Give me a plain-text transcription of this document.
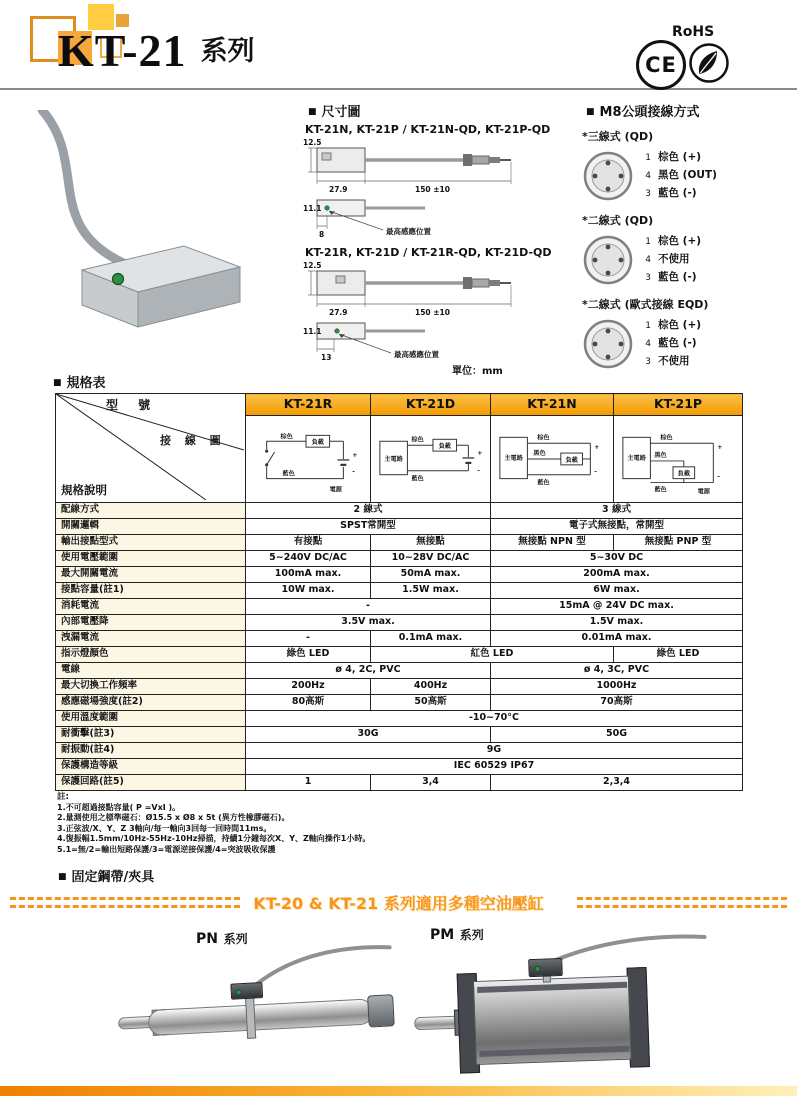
KT-21 系列
RoHS
CE
■ 尺寸圖
KT-21N, KT-21P / KT-21N-QD, KT-21P-QD
12.5
27.9	150 ±10
11.1
8	最高感應位置
KT-21R, KT-21D / KT-21R-QD, KT-21D-QD
12.5
27.9	150 ±10
11.1
13	最高感應位置
單位：mm
■ M8公頭接線方式
*三線式 (QD)
1 棕色 (+)
4 黑色 (OUT)
3 藍色 (-)
*二線式 (QD)
1 棕色 (+)
4 不使用
3 藍色 (-)
*二線式 (歐式接線 EQD)
1 棕色 (+)
4 藍色 (-)
3 不使用
■ 規格表
型 號
接 線 圖
規格說明	KT-21R	KT-21D	KT-21N	KT-21P

負載
棕色
+
-
藍色
電源

主電路
負載
棕色
藍色
+
-

主電路
棕色
黑色
負載
藍色
+
-

主電路
棕色
黑色
負載
藍色
+
-
電源

配線方式	2 線式		3 線式	
開關邏輯	SPST常開型		電子式無接點，常開型	
輸出接點型式	有接點	無接點	無接點 NPN 型	無接點 PNP 型
使用電壓範圍	5~240V DC/AC	10~28V DC/AC	5~30V DC	
最大開關電流	100mA max.	50mA max.	200mA max.	
接點容量(註1)	10W max.	1.5W max.	6W max.	
消耗電流	-		15mA @ 24V DC max.	
內部電壓降	3.5V max.		1.5V max.	
洩漏電流	-	0.1mA max.	0.01mA max.	
指示燈顏色	綠色 LED	紅色 LED		綠色 LED
電線	ø 4, 2C, PVC		ø 4, 3C, PVC	
最大切換工作頻率	200Hz	400Hz	1000Hz	
感應磁場強度(註2)	80高斯	50高斯	70高斯	
使用溫度範圍	-10~70°C			
耐衝擊(註3)	30G		50G	
耐振動(註4)	9G			
保護構造等級	IEC 60529 IP67			
保護回路(註5)	1	3,4	2,3,4	
註:
1.不可超過接點容量( P =VxI )。
2.量測使用之標準磁石：Ø15.5 x Ø8 x 5t (異方性橡膠磁石)。
3.正弦波/X、Y、Z 3軸向/每一軸向3回每一回時間11ms。
4.復振幅1.5mm/10Hz-55Hz-10Hz掃描，持續1分鐘每次X、Y、Z軸向操作1小時。
5.1=無/2=輸出短路保護/3=電源逆接保護/4=突波吸收保護
■ 固定鋼帶/夾具
KT-20 & KT-21 系列適用多種空油壓缸
PN 系列	PM 系列
